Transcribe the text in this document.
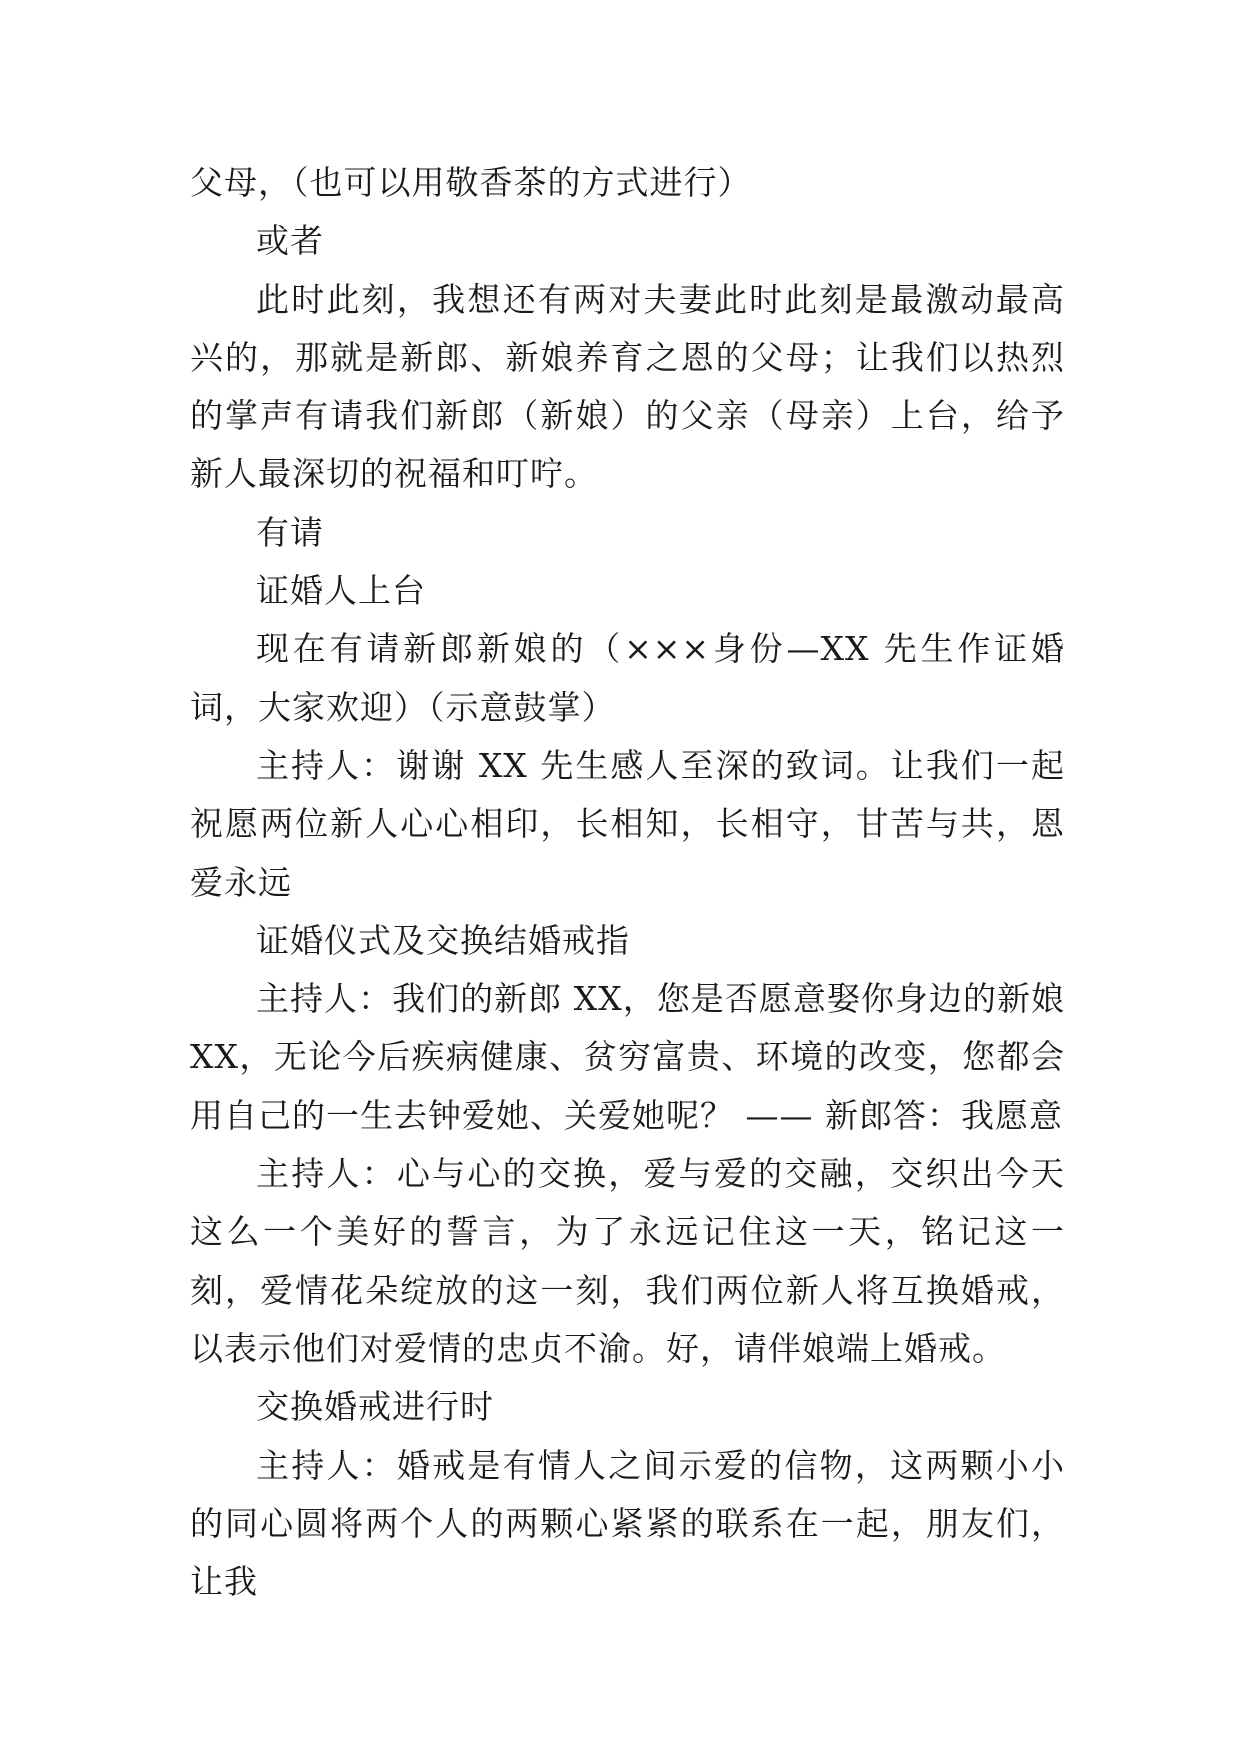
父母，（也可以用敬香茶的方式进行）

或者

此时此刻，我想还有两对夫妻此时此刻是最激动最高兴的，那就是新郎、新娘养育之恩的父母；让我们以热烈的掌声有请我们新郎（新娘）的父亲（母亲）上台，给予新人最深切的祝福和叮咛。

有请

证婚人上台

现在有请新郎新娘的（×××身份—XX 先生作证婚词，大家欢迎）（示意鼓掌）

主持人：谢谢 XX 先生感人至深的致词。让我们一起祝愿两位新人心心相印，长相知，长相守，甘苦与共，恩爱永远

证婚仪式及交换结婚戒指

主持人：我们的新郎 XX，您是否愿意娶你身边的新娘XX，无论今后疾病健康、贫穷富贵、环境的改变，您都会用自己的一生去钟爱她、关爱她呢？ —— 新郎答：我愿意

主持人：心与心的交换，爱与爱的交融，交织出今天这么一个美好的誓言，为了永远记住这一天，铭记这一刻，爱情花朵绽放的这一刻，我们两位新人将互换婚戒，以表示他们对爱情的忠贞不渝。好，请伴娘端上婚戒。

交换婚戒进行时

主持人：婚戒是有情人之间示爱的信物，这两颗小小的同心圆将两个人的两颗心紧紧的联系在一起，朋友们，让我
